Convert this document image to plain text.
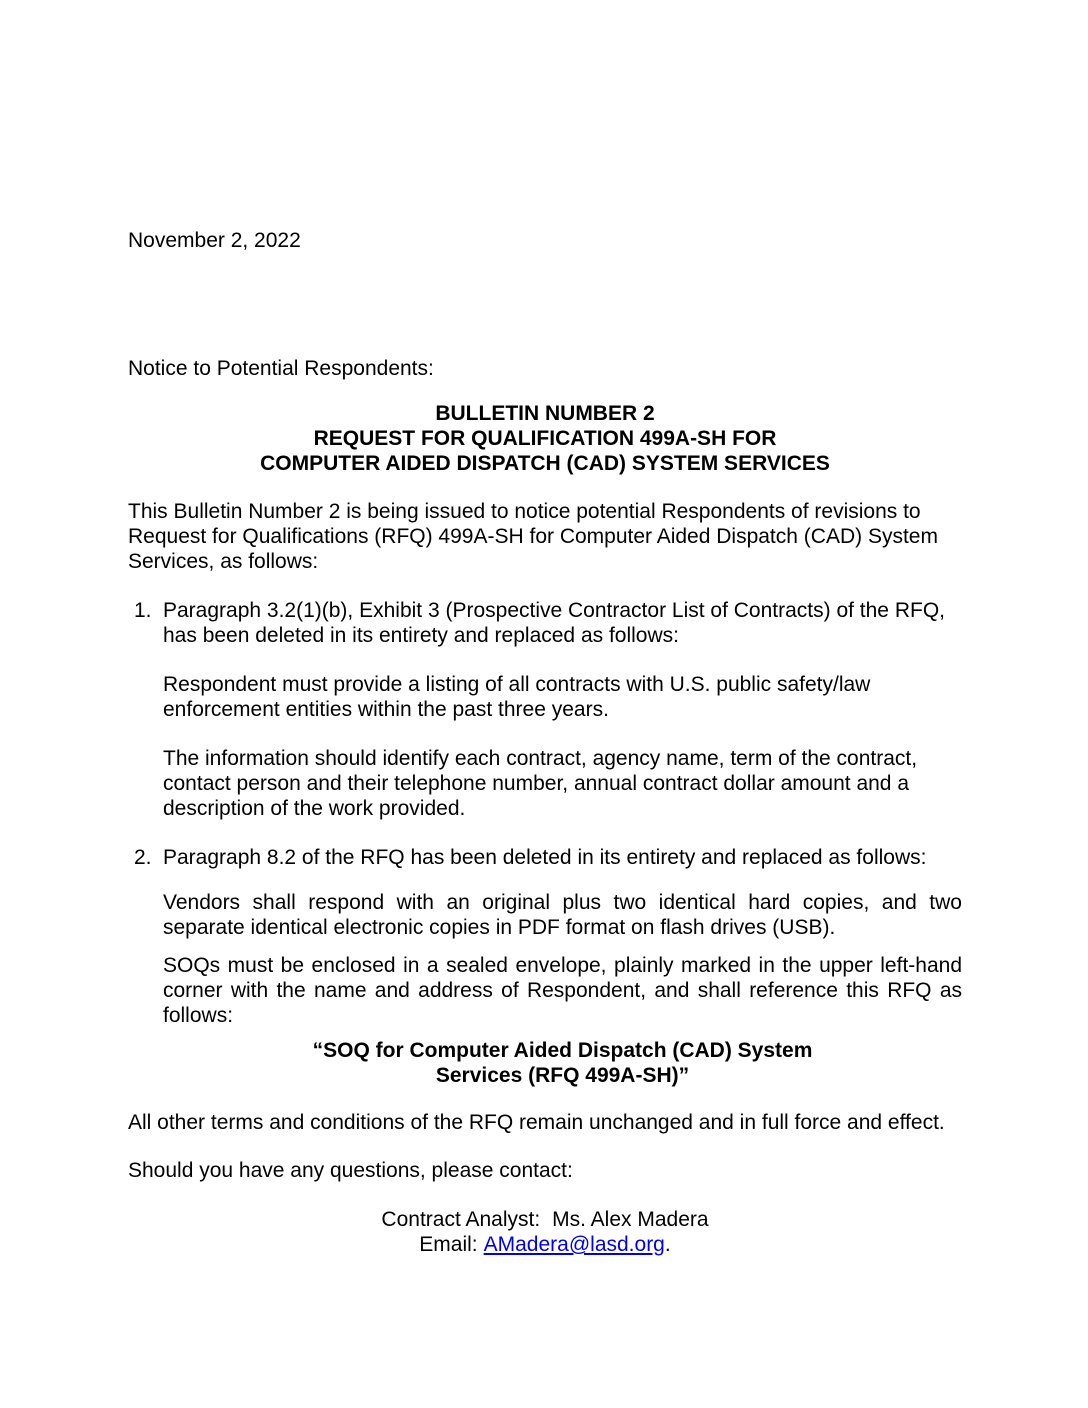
November 2, 2022
Notice to Potential Respondents:
BULLETIN NUMBER 2
REQUEST FOR QUALIFICATION 499A-SH FOR
COMPUTER AIDED DISPATCH (CAD) SYSTEM SERVICES
This Bulletin Number 2 is being issued to notice potential Respondents of revisions to Request for Qualifications (RFQ) 499A-SH for Computer Aided Dispatch (CAD) System Services, as follows:
1. Paragraph 3.2(1)(b), Exhibit 3 (Prospective Contractor List of Contracts) of the RFQ, has been deleted in its entirety and replaced as follows:
Respondent must provide a listing of all contracts with U.S. public safety/law enforcement entities within the past three years.
The information should identify each contract, agency name, term of the contract, contact person and their telephone number, annual contract dollar amount and a description of the work provided.
2. Paragraph 8.2 of the RFQ has been deleted in its entirety and replaced as follows:
Vendors shall respond with an original plus two identical hard copies, and two separate identical electronic copies in PDF format on flash drives (USB).
SOQs must be enclosed in a sealed envelope, plainly marked in the upper left-hand corner with the name and address of Respondent, and shall reference this RFQ as follows:
“SOQ for Computer Aided Dispatch (CAD) System
Services (RFQ 499A-SH)”
All other terms and conditions of the RFQ remain unchanged and in full force and effect.
Should you have any questions, please contact:
Contract Analyst: Ms. Alex Madera
Email: AMadera@lasd.org.
